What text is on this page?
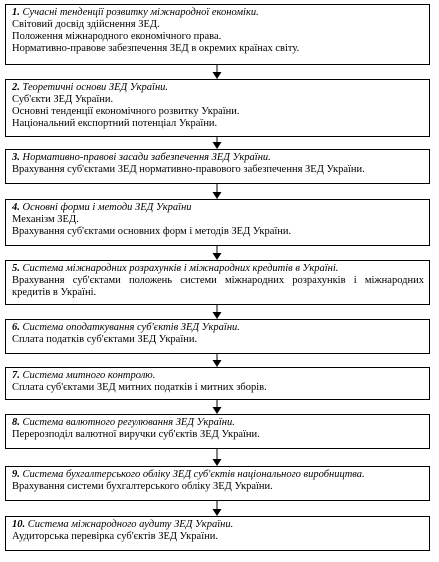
1. Сучасні тенденції розвитку міжнародної економіки.
Світовий досвід здійснення ЗЕД.
Положення міжнародного економічного права.
Нормативно-правове забезпечення ЗЕД в окремих країнах світу.
2. Теоретичні основи ЗЕД України.
Суб'єкти ЗЕД України.
Основні тенденції економічного розвитку України.
Національний експортний потенціал України.
3. Нормативно-правові засади забезпечення ЗЕД України.
Врахування суб'єктами ЗЕД нормативно-правового забезпечення ЗЕД України.
4. Основні форми і методи ЗЕД України
Механізм ЗЕД.
Врахування суб'єктами основних форм і методів ЗЕД України.
5. Система міжнародних розрахунків і міжнародних кредитів в Україні.
Врахування суб'єктами положень системи міжнародних розрахунків і міжнародних кредитів в Україні.
6. Система оподаткування суб'єктів ЗЕД України.
Сплата податків суб'єктами ЗЕД України.
7. Система митного контролю.
Сплата суб'єктами ЗЕД митних податків і митних зборів.
8. Система валютного регулювання ЗЕД України.
Перерозподіл валютної виручки суб'єктів ЗЕД України.
9. Система бухгалтерського обліку ЗЕД суб'єктів національного виробництва.
Врахування системи бухгалтерського обліку ЗЕД України.
10. Система міжнародного аудиту ЗЕД України.
Аудиторська перевірка суб'єктів ЗЕД України.
